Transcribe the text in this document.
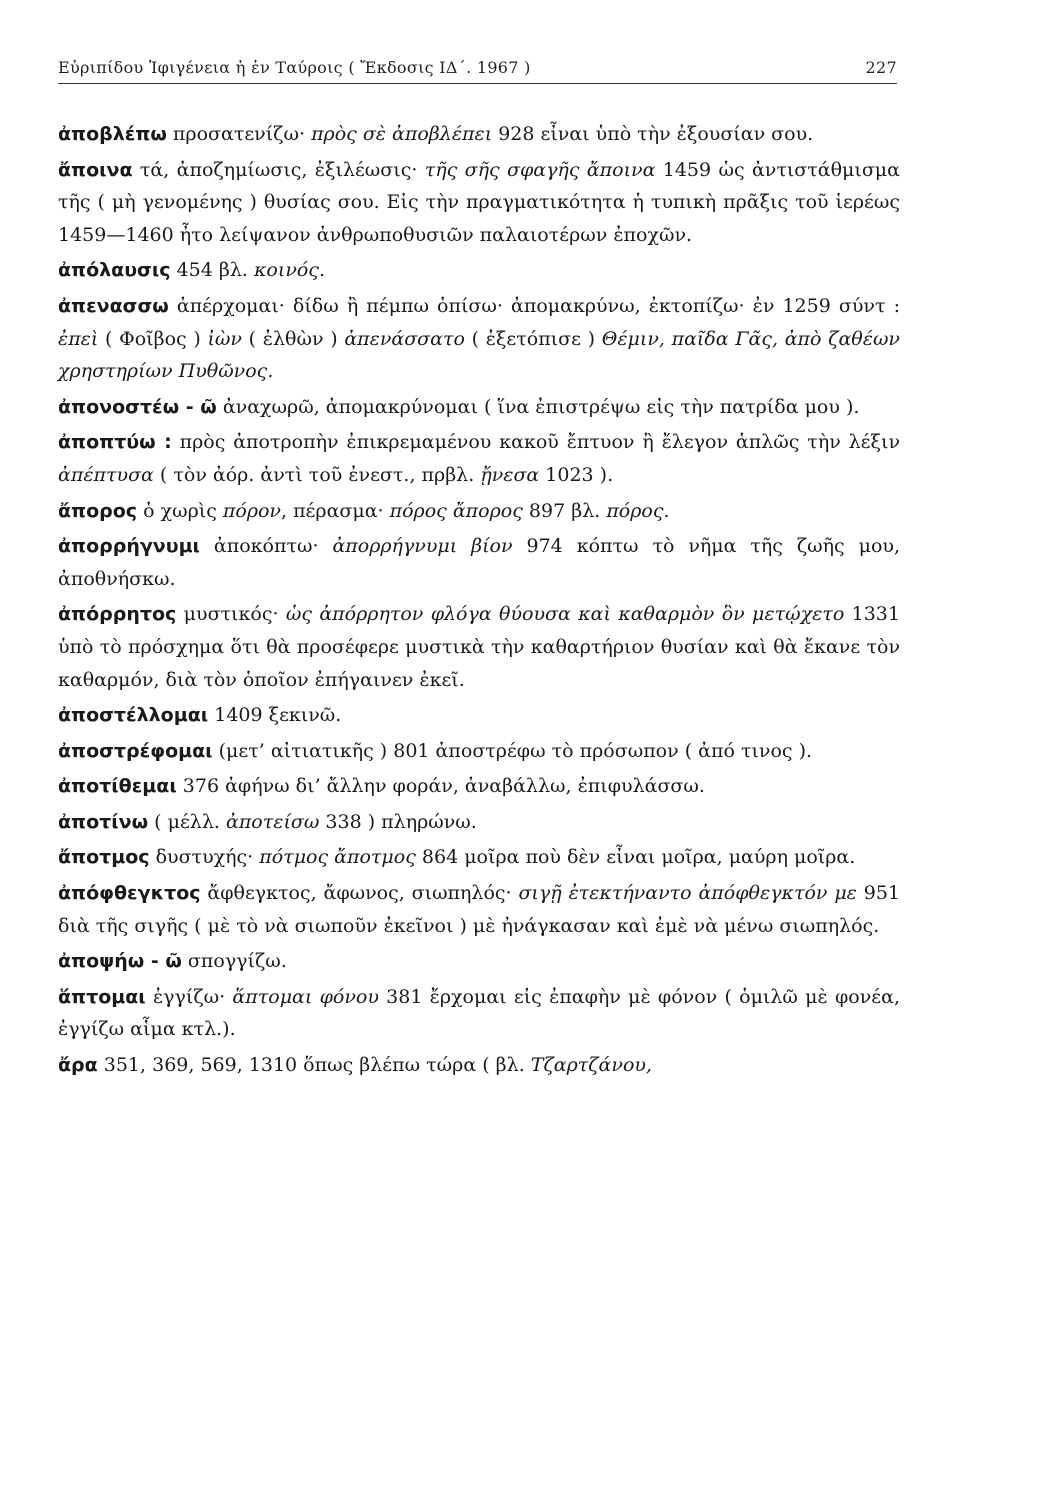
Εὐριπίδου Ἰφιγένεια ἡ ἐν Ταύροις ( Ἔκδοσις ΙΔ΄. 1967 )	227

ἀποβλέπω προσατενίζω· πρὸς σὲ ἀποβλέπει 928 εἶναι ὑπὸ τὴν ἐξουσίαν σου.

ἄποινα τά, ἀποζημίωσις, ἐξιλέωσις· τῆς σῆς σφαγῆς ἄποινα 1459 ὡς ἀντιστάθμισμα τῆς ( μὴ γενομένης ) θυσίας σου. Εἰς τὴν πραγματικότητα ἡ τυπικὴ πρᾶξις τοῦ ἱερέως 1459—1460 ἦτο λείψανον ἀνθρωποθυσιῶν παλαιοτέρων ἐποχῶν.

ἀπόλαυσις 454 βλ. κοινός.

ἀπενασσω ἀπέρχομαι· δίδω ἢ πέμπω ὀπίσω· ἀπομακρύνω, ἐκτοπίζω· ἐν 1259 σύντ : ἐπεὶ ( Φοῖβος ) ἰὼν ( ἐλθὼν ) ἀπενάσσατο ( ἐξετόπισε ) Θέμιν, παῖδα Γᾶς, ἀπὸ ζαθέων χρηστηρίων Πυθῶνος.

ἀπονοστέω - ῶ ἀναχωρῶ, ἀπομακρύνομαι ( ἵνα ἐπιστρέψω εἰς τὴν πατρίδα μου ).

ἀποπτύω : πρὸς ἀποτροπὴν ἐπικρεμαμένου κακοῦ ἔπτυον ἢ ἔλεγον ἁπλῶς τὴν λέξιν ἀπέπτυσα ( τὸν ἀόρ. ἀντὶ τοῦ ἐνεστ., πρβλ. ᾔνεσα 1023 ).

ἄπορος ὁ χωρὶς πόρον, πέρασμα· πόρος ἄπορος 897 βλ. πόρος.

ἀπορρήγνυμι ἀποκόπτω· ἀπορρήγνυμι βίον 974 κόπτω τὸ νῆμα τῆς ζωῆς μου, ἀποθνήσκω.

ἀπόρρητος μυστικός· ὡς ἀπόρρητον φλόγα θύουσα καὶ καθαρμὸν ὃν μετῴχετο 1331 ὑπὸ τὸ πρόσχημα ὅτι θὰ προσέφερε μυστικὰ τὴν καθαρτήριον θυσίαν καὶ θὰ ἔκανε τὸν καθαρμόν, διὰ τὸν ὁποῖον ἐπήγαινεν ἐκεῖ.

ἀποστέλλομαι 1409 ξεκινῶ.

ἀποστρέφομαι (μετ’ αἰτιατικῆς ) 801 ἀποστρέφω τὸ πρόσωπον ( ἀπό τινος ).

ἀποτίθεμαι 376 ἀφήνω δι’ ἄλλην φοράν, ἀναβάλλω, ἐπιφυλάσσω.

ἀποτίνω ( μέλλ. ἀποτείσω 338 ) πληρώνω.

ἄποτμος δυστυχής· πότμος ἄποτμος 864 μοῖρα ποὺ δὲν εἶναι μοῖρα, μαύρη μοῖρα.

ἀπόφθεγκτος ἄφθεγκτος, ἄφωνος, σιωπηλός· σιγῇ ἐτεκτήναντο ἀπόφθεγκτόν με 951 διὰ τῆς σιγῆς ( μὲ τὸ νὰ σιωποῦν ἐκεῖνοι ) μὲ ἠνάγκασαν καὶ ἐμὲ νὰ μένω σιωπηλός.

ἀποψήω - ῶ σπογγίζω.

ἅπτομαι ἐγγίζω· ἅπτομαι φόνου 381 ἔρχομαι εἰς ἐπαφὴν μὲ φόνον ( ὁμιλῶ μὲ φονέα, ἐγγίζω αἷμα κτλ.).

ἄρα 351, 369, 569, 1310 ὅπως βλέπω τώρα ( βλ. Τζαρτζάνου,
